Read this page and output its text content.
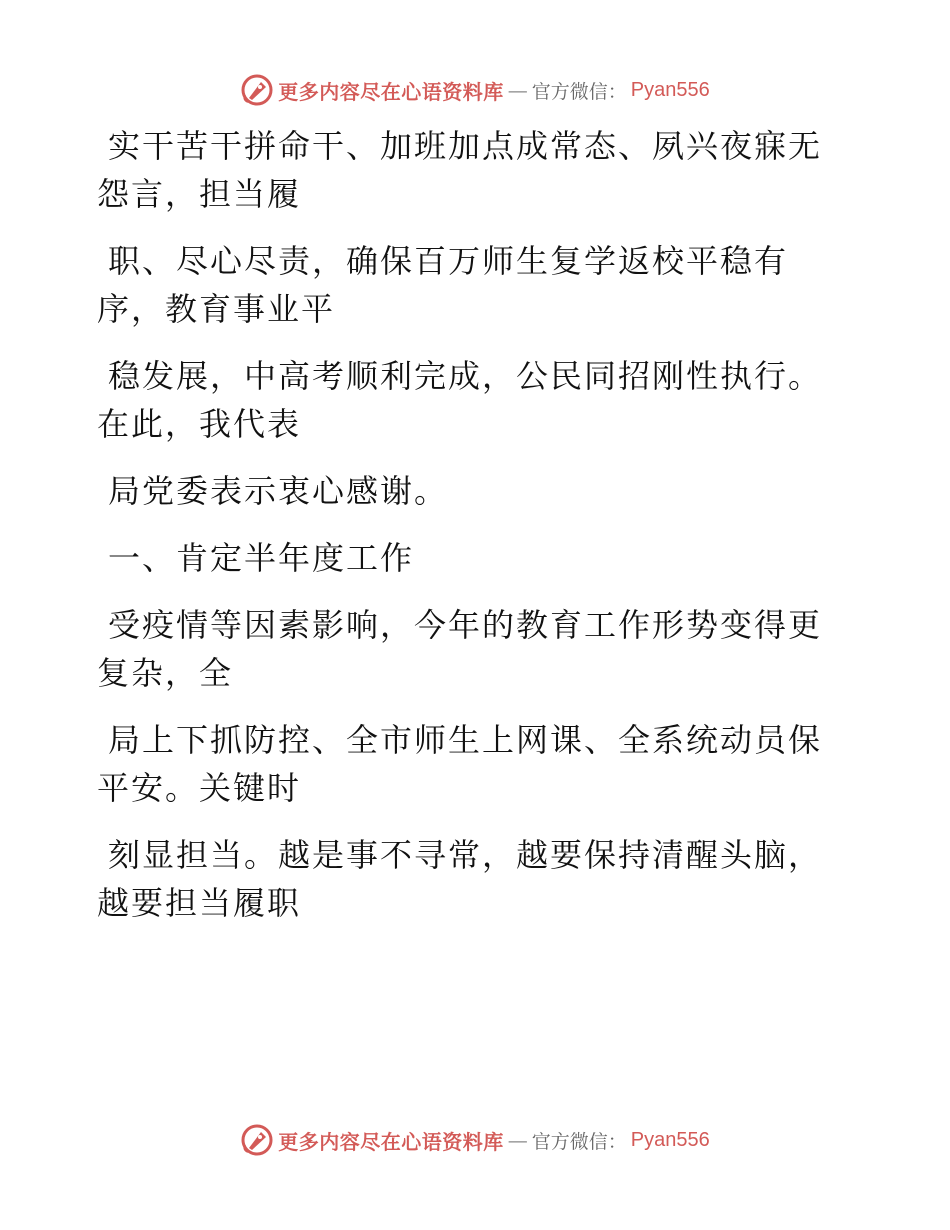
更多内容尽在心语资料库 — 官方微信： Pyan556
实干苦干拼命干、加班加点成常态、夙兴夜寐无
怨言，担当履
职、尽心尽责，确保百万师生复学返校平稳有
序，教育事业平
稳发展，中高考顺利完成，公民同招刚性执行。
在此，我代表
局党委表示衷心感谢。
一、肯定半年度工作
受疫情等因素影响，今年的教育工作形势变得更
复杂，全
局上下抓防控、全市师生上网课、全系统动员保
平安。关键时
刻显担当。越是事不寻常，越要保持清醒头脑，
越要担当履职
更多内容尽在心语资料库 — 官方微信： Pyan556
